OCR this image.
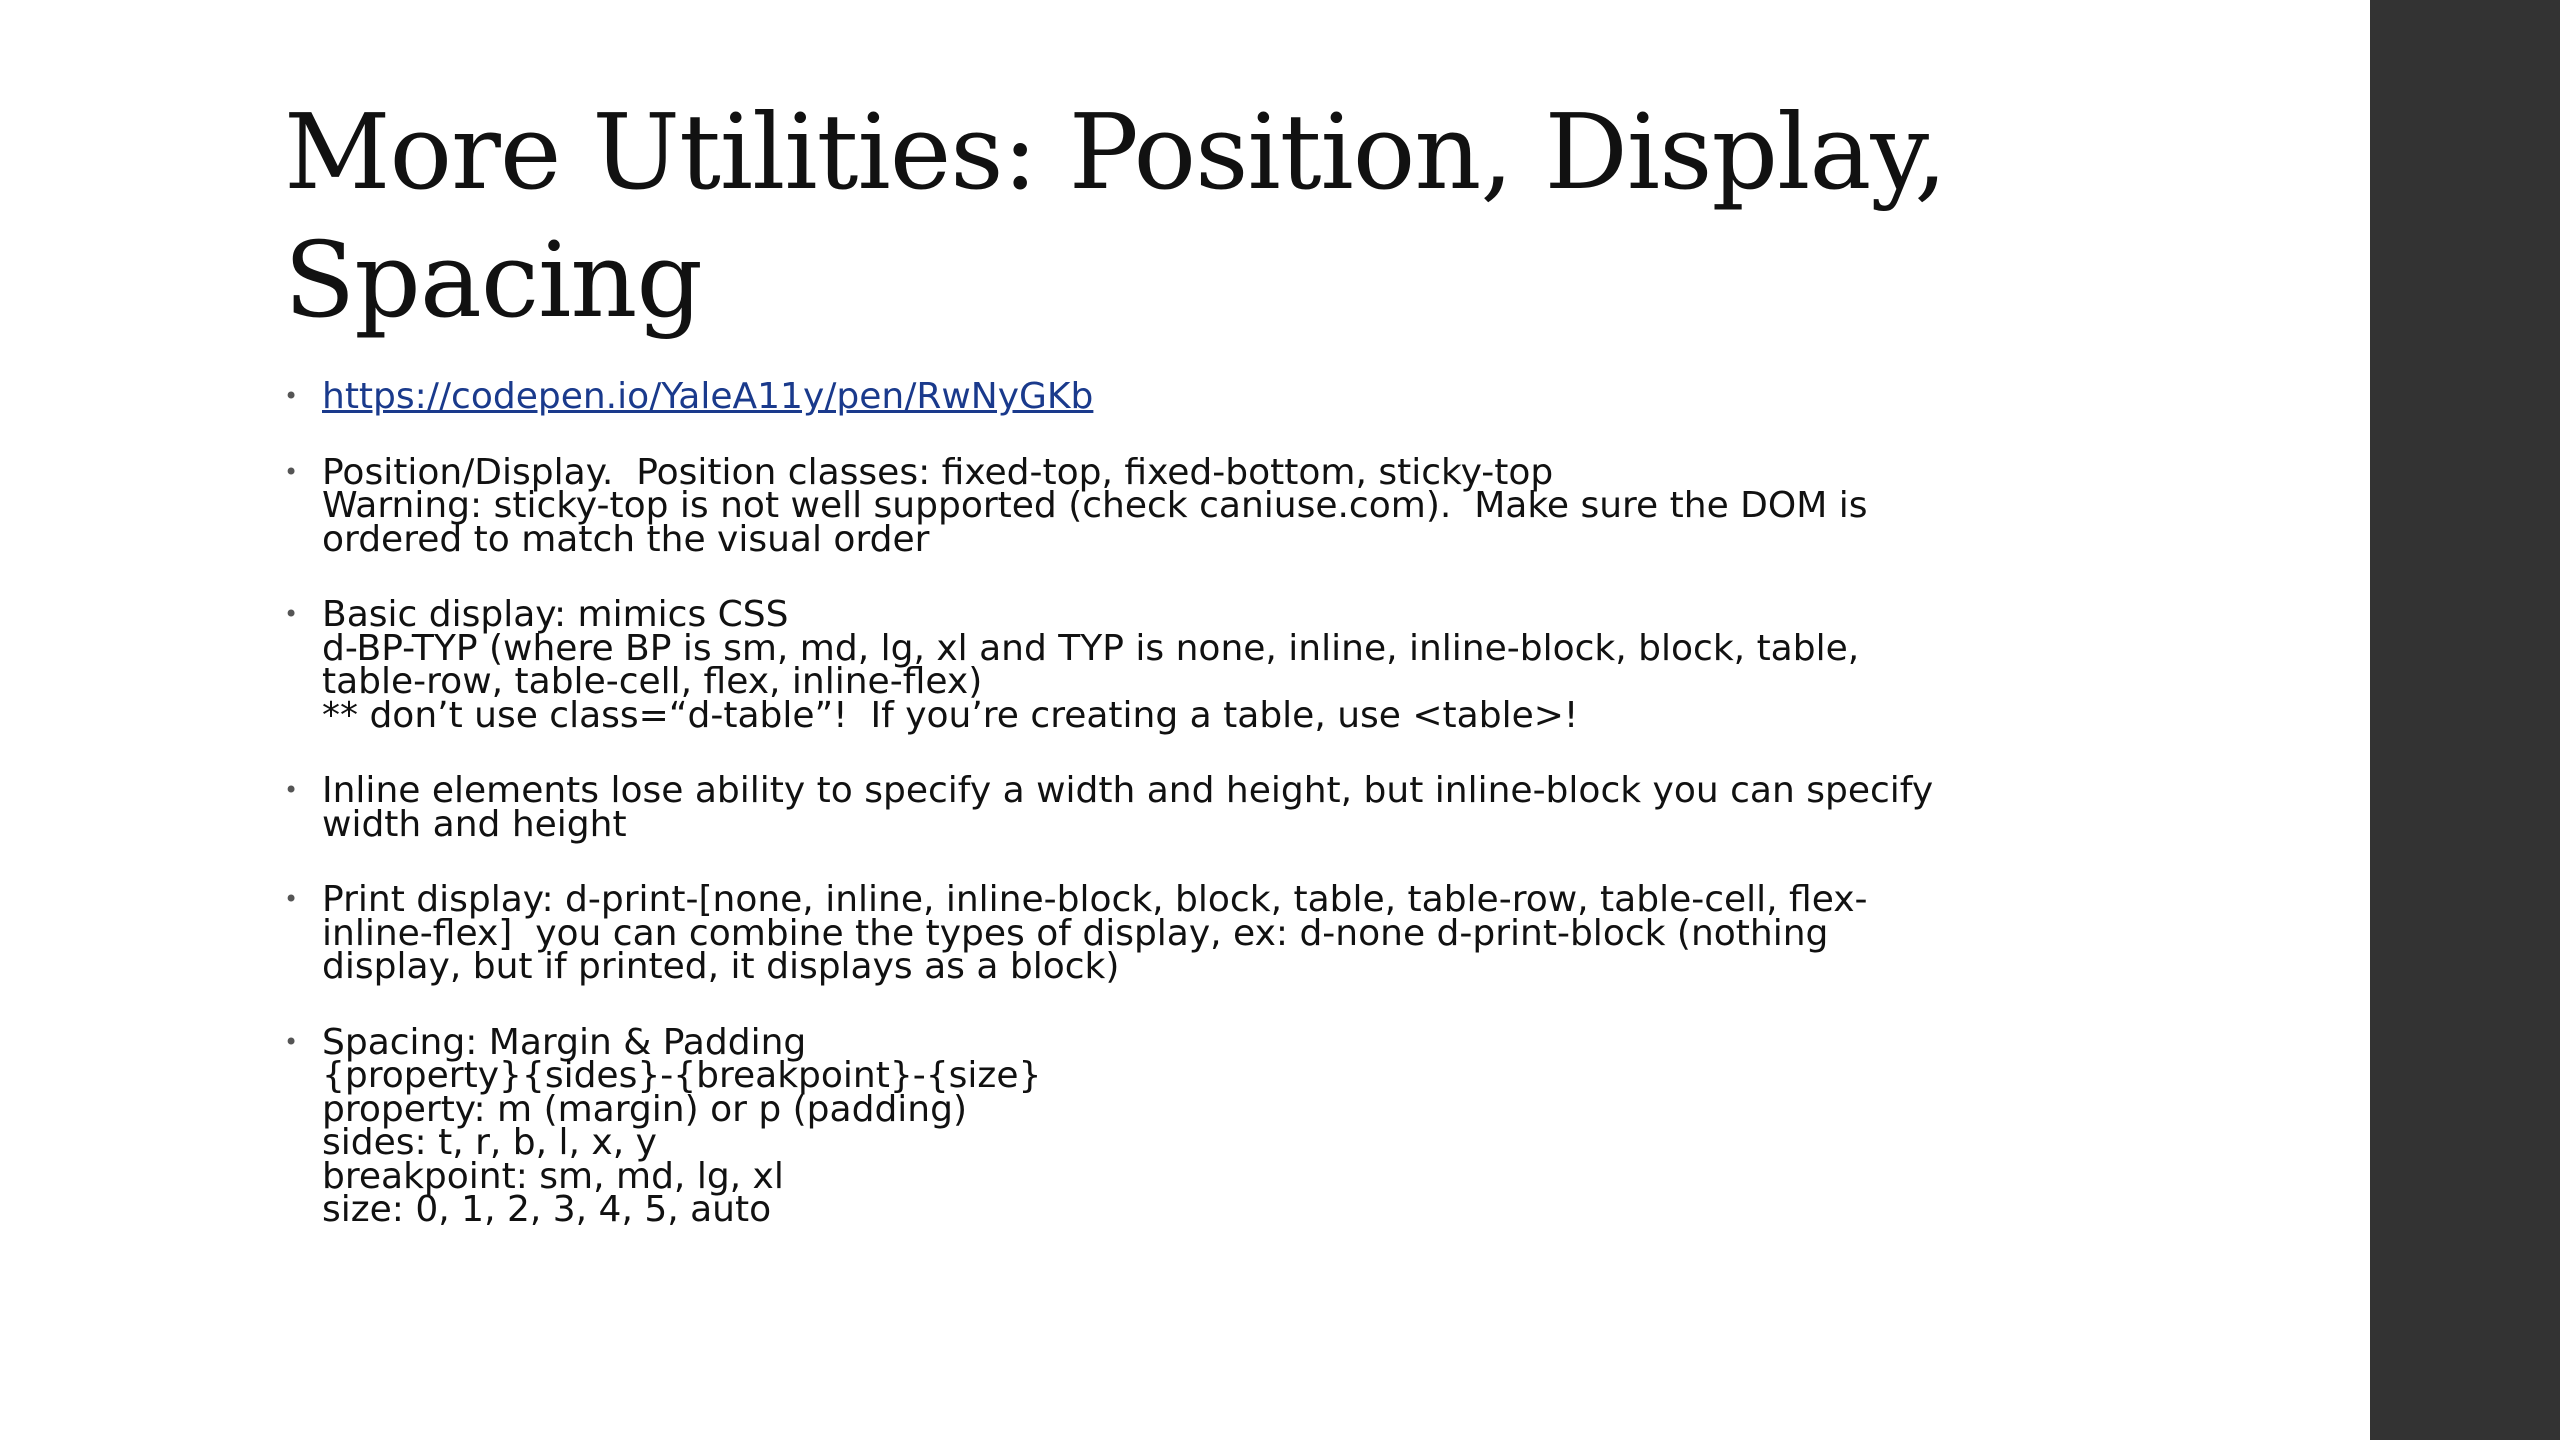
More Utilities: Position, Display, Spacing
• https://codepen.io/YaleA11y/pen/RwNyGKb
• Position/Display.  Position classes: fixed-top, fixed-bottom, sticky-top
Warning: sticky-top is not well supported (check caniuse.com).  Make sure the DOM is
ordered to match the visual order
• Basic display: mimics CSS
d-BP-TYP (where BP is sm, md, lg, xl and TYP is none, inline, inline-block, block, table,
table-row, table-cell, flex, inline-flex)
** don’t use class=“d-table”!  If you’re creating a table, use <table>!
• Inline elements lose ability to specify a width and height, but inline-block you can specify
width and height
• Print display: d-print-[none, inline, inline-block, block, table, table-row, table-cell, flex-
inline-flex]  you can combine the types of display, ex: d-none d-print-block (nothing
display, but if printed, it displays as a block)
• Spacing: Margin & Padding
{property}{sides}-{breakpoint}-{size}
property: m (margin) or p (padding)
sides: t, r, b, l, x, y
breakpoint: sm, md, lg, xl
size: 0, 1, 2, 3, 4, 5, auto
